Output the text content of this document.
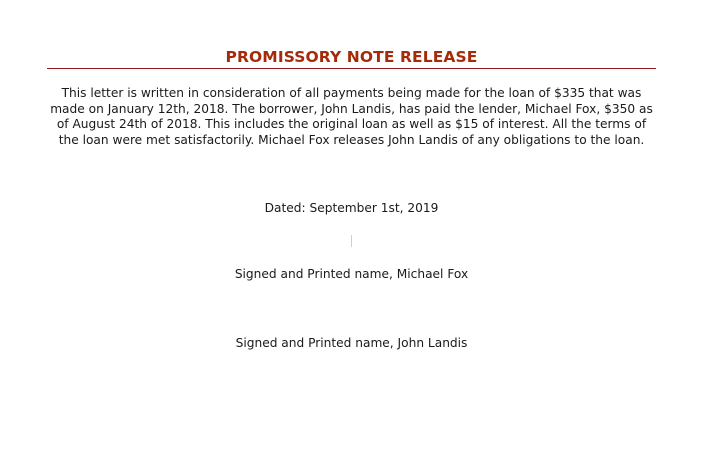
PROMISSORY NOTE RELEASE
This letter is written in consideration of all payments being made for the loan of $335 that was made on January 12th, 2018. The borrower, John Landis, has paid the lender, Michael Fox, $350 as of August 24th of 2018. This includes the original loan as well as $15 of interest. All the terms of the loan were met satisfactorily. Michael Fox releases John Landis of any obligations to the loan.
Dated: September 1st, 2019
Signed and Printed name, Michael Fox
Signed and Printed name, John Landis
